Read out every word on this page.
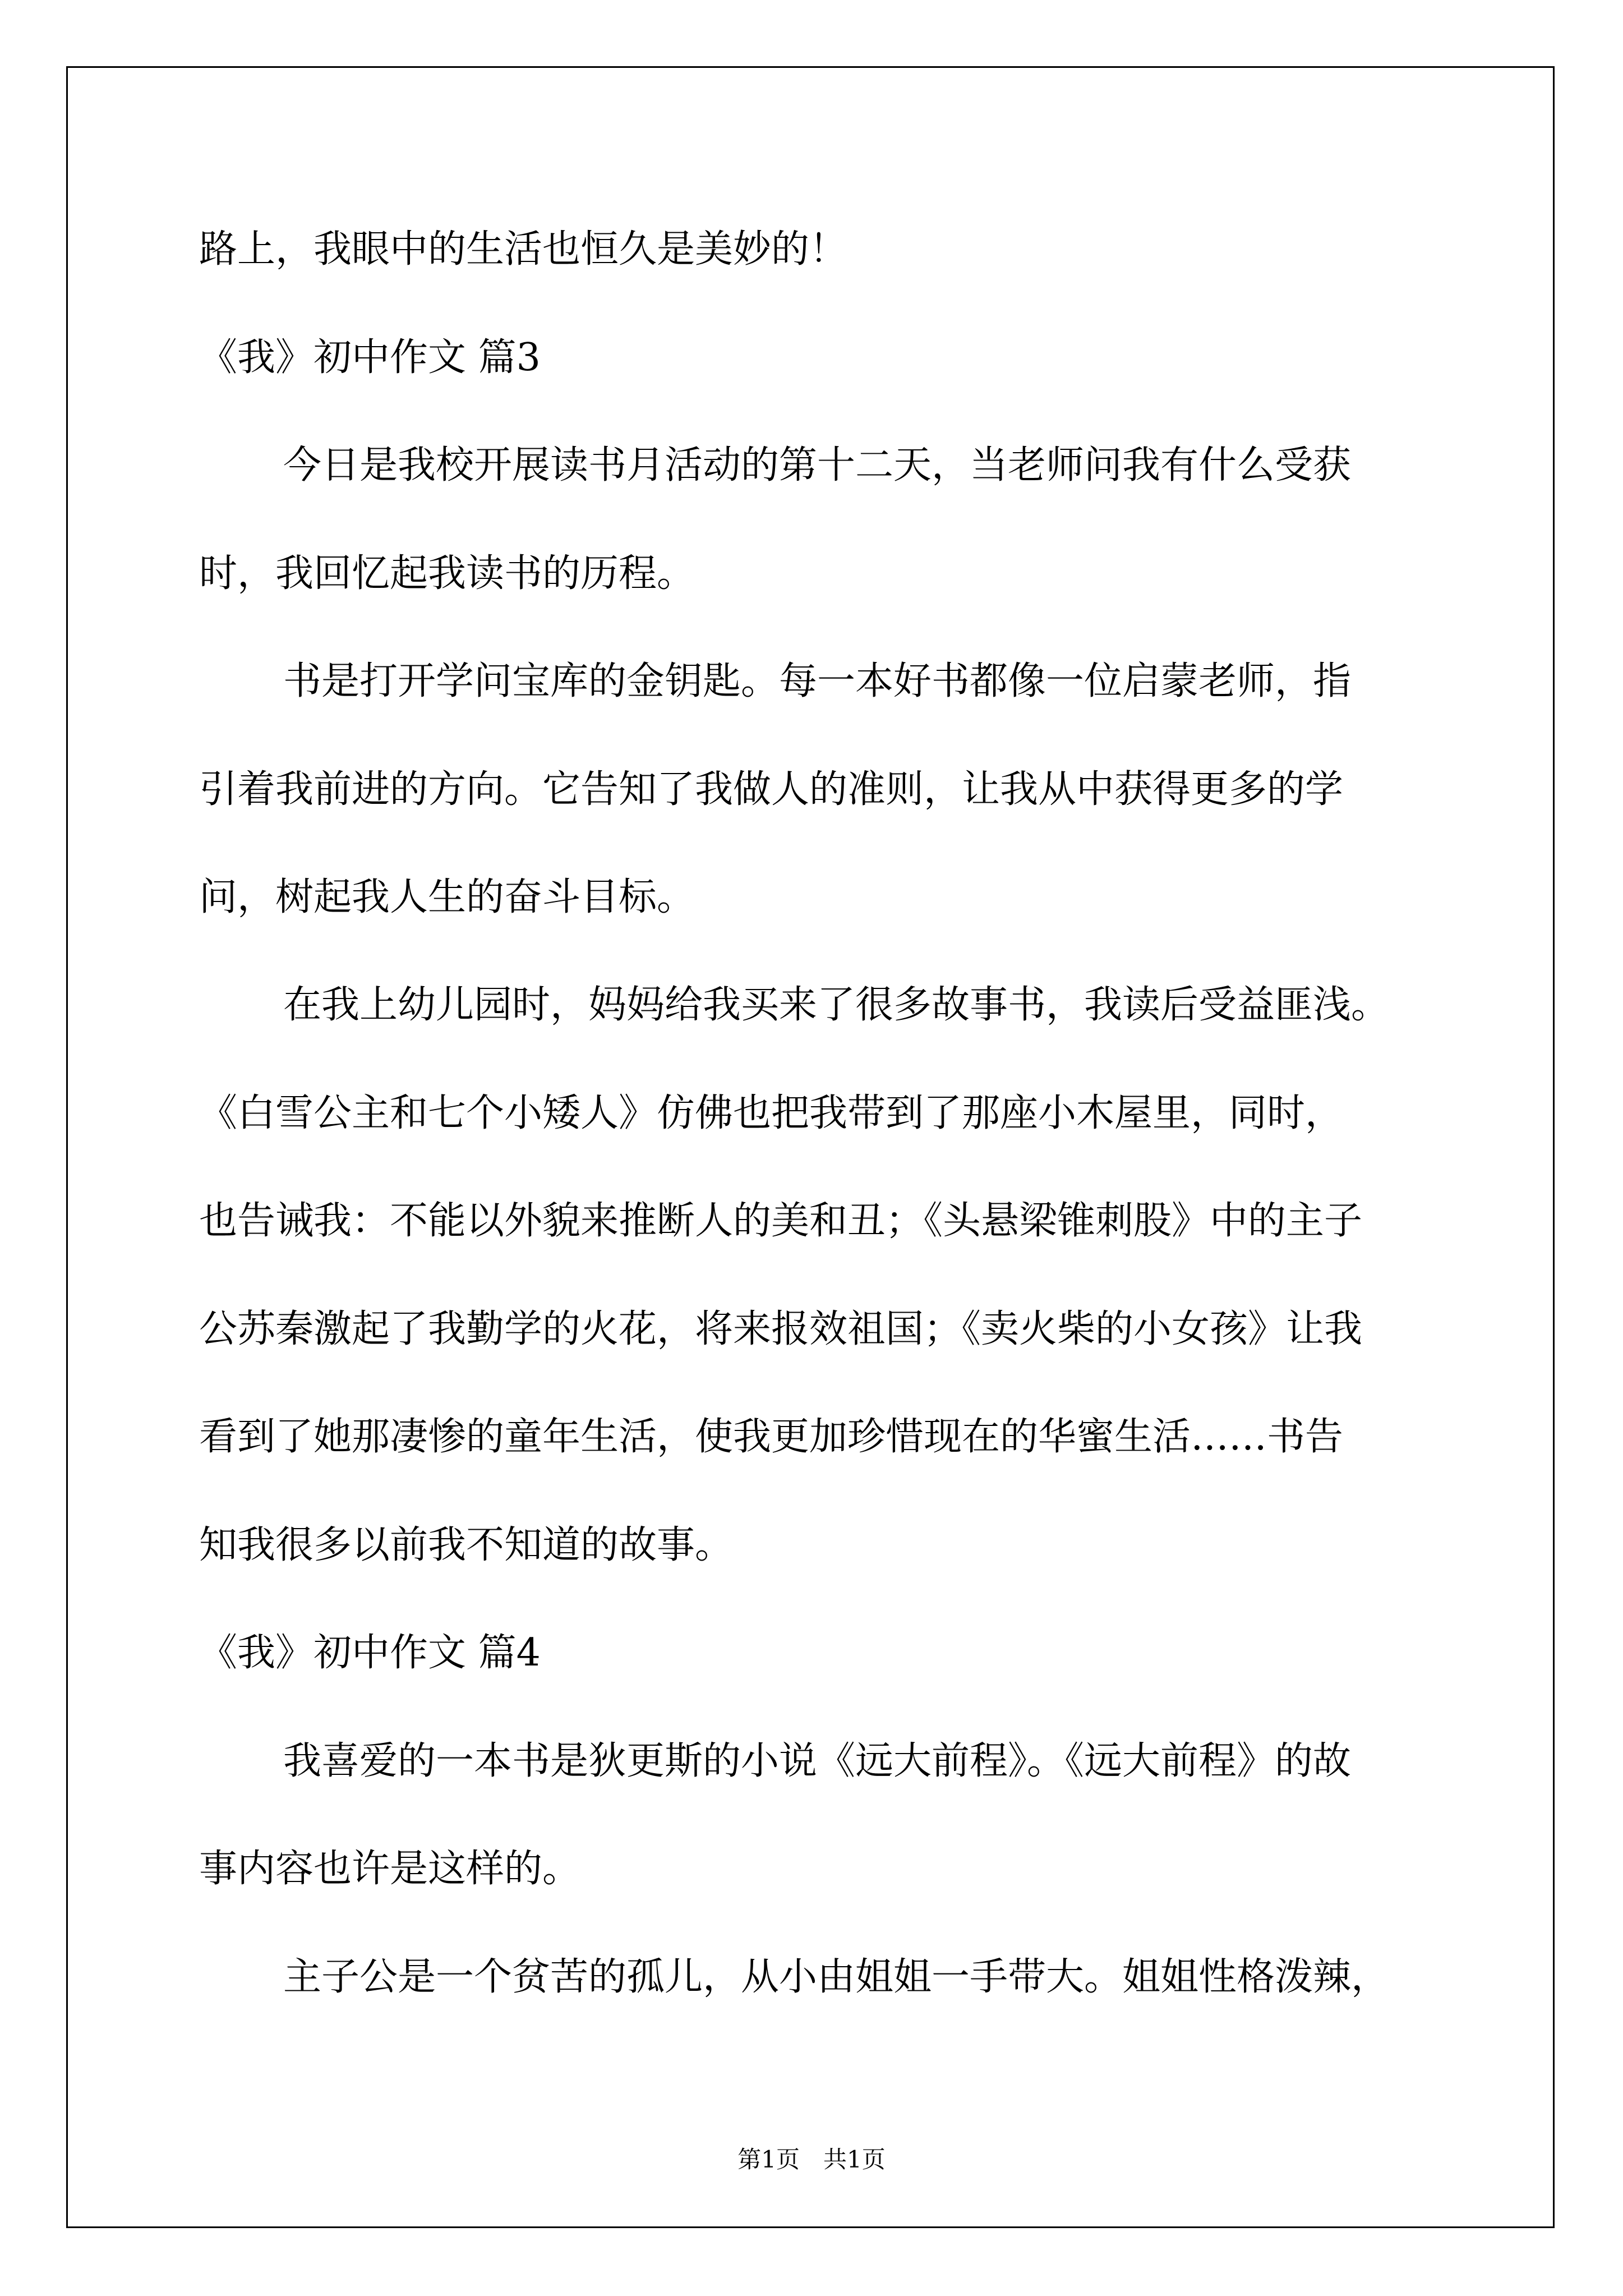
路上，我眼中的生活也恒久是美妙的！
《我》初中作文 篇3
今日是我校开展读书月活动的第十二天，当老师问我有什么受获
时，我回忆起我读书的历程。
书是打开学问宝库的金钥匙。每一本好书都像一位启蒙老师，指
引着我前进的方向。它告知了我做人的准则，让我从中获得更多的学
问，树起我人生的奋斗目标。
在我上幼儿园时，妈妈给我买来了很多故事书，我读后受益匪浅。
《白雪公主和七个小矮人》仿佛也把我带到了那座小木屋里，同时，
也告诫我：不能以外貌来推断人的美和丑；《头悬梁锥刺股》中的主子
公苏秦激起了我勤学的火花，将来报效祖国；《卖火柴的小女孩》让我
看到了她那凄惨的童年生活，使我更加珍惜现在的华蜜生活……书告
知我很多以前我不知道的故事。
《我》初中作文 篇4
我喜爱的一本书是狄更斯的小说《远大前程》。《远大前程》的故
事内容也许是这样的。
主子公是一个贫苦的孤儿，从小由姐姐一手带大。姐姐性格泼辣，
第1页　共1页
